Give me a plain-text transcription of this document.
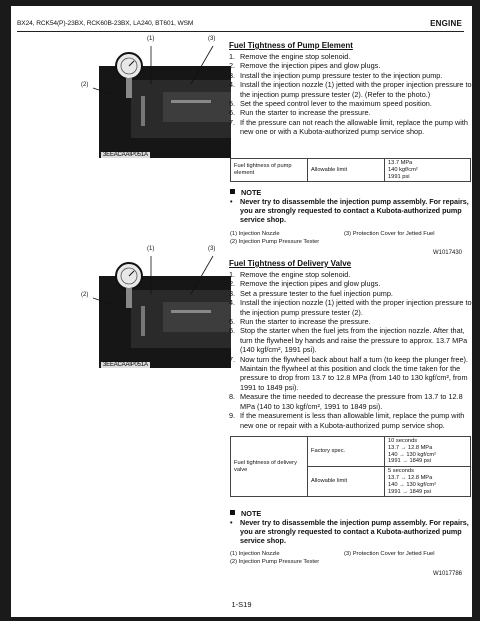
BX24, RCK54(P)-23BX, RCK60B-23BX, LA240, BT601, WSM	ENGINE
(1)	(3)
(2)
3EEACAAIP051A
Fuel Tightness of Pump Element
1. Remove the engine stop solenoid.
2. Remove the injection pipes and glow plugs.
3. Install the injection pump pressure tester to the injection pump.
4. Install the injection nozzle (1) jetted with the proper injection pressure to the injection pump pressure tester (2). (Refer to the photo.)
5. Set the speed control lever to the maximum speed position.
6. Run the starter to increase the pressure.
7. If the pressure can not reach the allowable limit, replace the pump with new one or with a Kubota-authorized pump service shop.
Fuel tightness of pump element	Allowable limit	
13.7 MPa
140 kgf/cm²
1991 psi
NOTE
•	Never try to disassemble the injection pump assembly. For repairs, you are strongly requested to contact a Kubota-authorized pump service shop.
(1) Injection Nozzle
(2) Injection Pump Pressure Tester
(3) Protection Cover for Jetted Fuel
W1017430
(1)	(3)
(2)
3EEACAAIP051A
Fuel Tightness of Delivery Valve
1. Remove the engine stop solenoid.
2. Remove the injection pipes and glow plugs.
3. Set a pressure tester to the fuel injection pump.
4. Install the injection nozzle (1) jetted with the proper injection pressure to the injection pump pressure tester (2).
5. Run the starter to increase the pressure.
6. Stop the starter when the fuel jets from the injection nozzle. After that, turn the flywheel by hands and raise the pressure to approx. 13.7 MPa (140 kgf/cm², 1991 psi).
7. Now turn the flywheel back about half a turn (to keep the plunger free). Maintain the flywheel at this position and clock the time taken for the pressure to drop from 13.7 to 12.8 MPa (from 140 to 130 kgf/cm², from 1991 to 1849 psi).
8. Measure the time needed to decrease the pressure from 13.7 to 12.8 MPa (140 to 130 kgf/cm², 1991 to 1849 psi).
9. If the measurement is less than allowable limit, replace the pump with new one or repair with a Kubota-authorized pump service shop.
Fuel tightness of delivery valve	Factory spec.	10 seconds
13.7 → 12.8 MPa
140 → 130 kgf/cm²
1991 → 1849 psi

	Allowable limit	5 seconds
13.7 → 12.8 MPa
140 → 130 kgf/cm²
1991 → 1849 psi
NOTE
•	Never try to disassemble the injection pump assembly. For repairs, you are strongly requested to contact a Kubota-authorized pump service shop.
(1) Injection Nozzle
(2) Injection Pump Pressure Tester
(3) Protection Cover for Jetted Fuel
W1017786
1-S19
